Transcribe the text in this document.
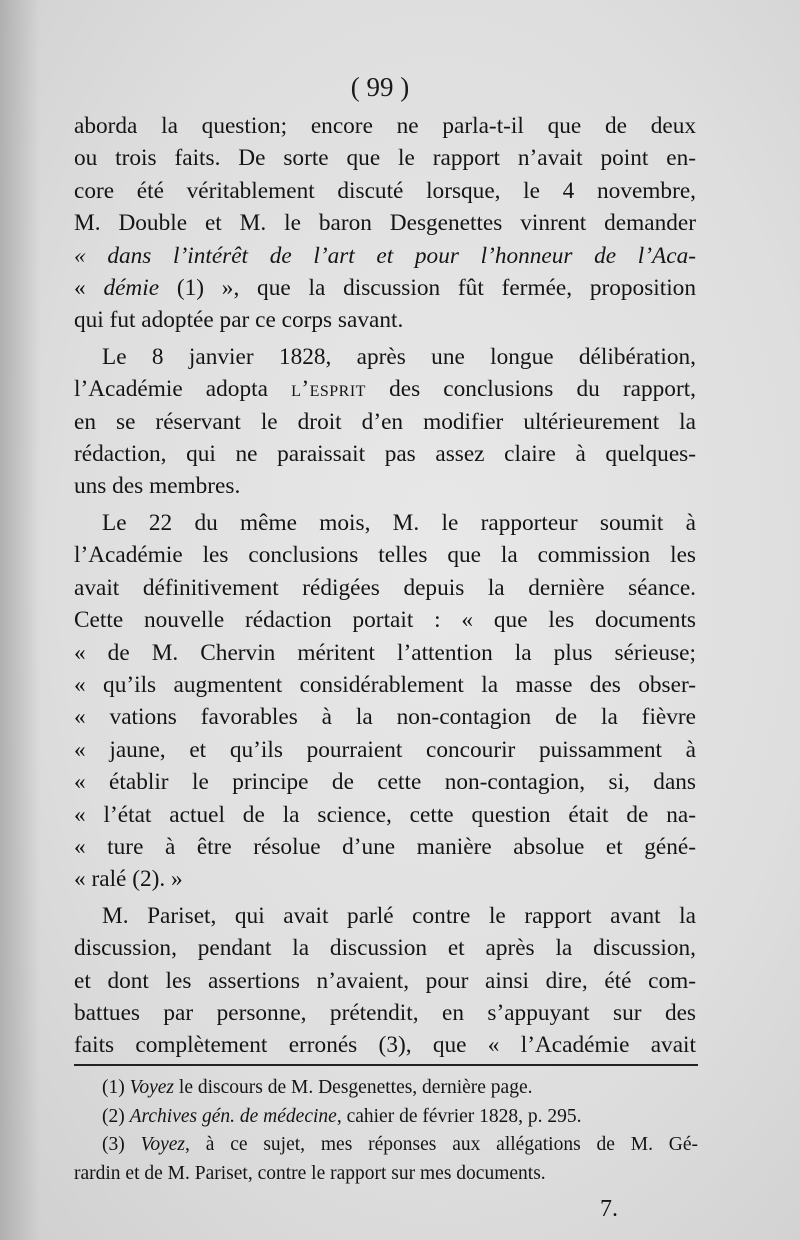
( 99 )
aborda la question; encore ne parla-t-il que de deux
ou trois faits. De sorte que le rapport n’avait point en-
core été véritablement discuté lorsque, le 4 novembre,
M. Double et M. le baron Desgenettes vinrent demander
« dans l’intérêt de l’art et pour l’honneur de l’Aca-
« démie (1) », que la discussion fût fermée, proposition
qui fut adoptée par ce corps savant.
Le 8 janvier 1828, après une longue délibération,
l’Académie adopta l’esprit des conclusions du rapport,
en se réservant le droit d’en modifier ultérieurement la
rédaction, qui ne paraissait pas assez claire à quelques-
uns des membres.
Le 22 du même mois, M. le rapporteur soumit à
l’Académie les conclusions telles que la commission les
avait définitivement rédigées depuis la dernière séance.
Cette nouvelle rédaction portait : « que les documents
« de M. Chervin méritent l’attention la plus sérieuse;
« qu’ils augmentent considérablement la masse des obser-
« vations favorables à la non-contagion de la fièvre
« jaune, et qu’ils pourraient concourir puissamment à
« établir le principe de cette non-contagion, si, dans
« l’état actuel de la science, cette question était de na-
« ture à être résolue d’une manière absolue et géné-
« ralé (2). »
M. Pariset, qui avait parlé contre le rapport avant la
discussion, pendant la discussion et après la discussion,
et dont les assertions n’avaient, pour ainsi dire, été com-
battues par personne, prétendit, en s’appuyant sur des
faits complètement erronés (3), que « l’Académie avait
(1) Voyez le discours de M. Desgenettes, dernière page.
(2) Archives gén. de médecine, cahier de février 1828, p. 295.
(3) Voyez, à ce sujet, mes réponses aux allégations de M. Gé-
rardin et de M. Pariset, contre le rapport sur mes documents.
7.
